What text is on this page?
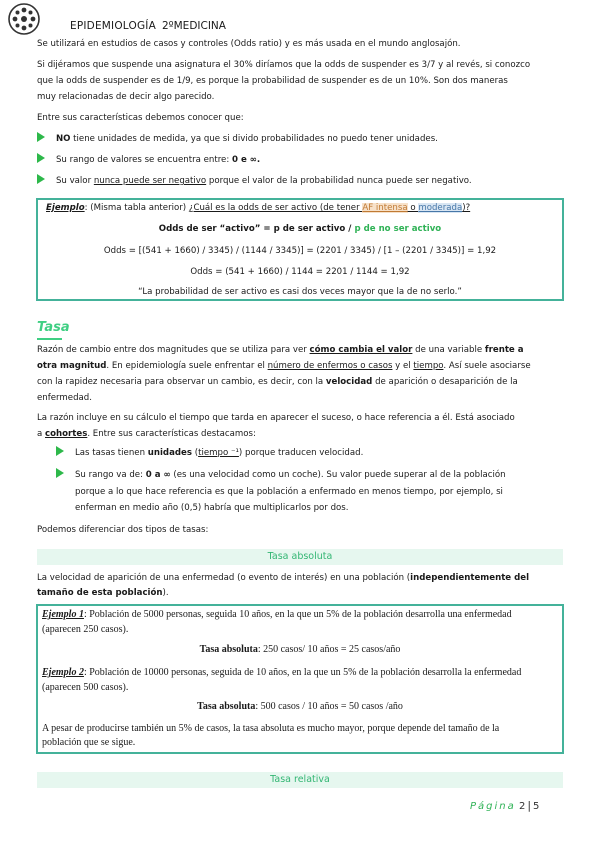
EPIDEMIOLOGÍA 2ºMEDICINA
Se utilizará en estudios de casos y controles (Odds ratio) y es más usada en el mundo anglosajón.
Si dijéramos que suspende una asignatura el 30% diríamos que la odds de suspender es 3/7 y al revés, si conozco
que la odds de suspender es de 1/9, es porque la probabilidad de suspender es de un 10%. Son dos maneras
muy relacionadas de decir algo parecido.
Entre sus características debemos conocer que:
NO tiene unidades de medida, ya que si divido probabilidades no puedo tener unidades.
Su rango de valores se encuentra entre: 0 e ∞.
Su valor nunca puede ser negativo porque el valor de la probabilidad nunca puede ser negativo.
Ejemplo: (Misma tabla anterior) ¿Cuál es la odds de ser activo (de tener AF intensa o moderada)?
Odds de ser “activo” = p de ser activo / p de no ser activo
Odds = [(541 + 1660) / 3345) / (1144 / 3345)] = (2201 / 3345) / [1 – (2201 / 3345)] = 1,92
Odds = (541 + 1660) / 1144 = 2201 / 1144 = 1,92
“La probabilidad de ser activo es casi dos veces mayor que la de no serlo.”
Tasa
Razón de cambio entre dos magnitudes que se utiliza para ver cómo cambia el valor de una variable frente a
otra magnitud. En epidemiología suele enfrentar el número de enfermos o casos y el tiempo. Así suele asociarse
con la rapidez necesaria para observar un cambio, es decir, con la velocidad de aparición o desaparición de la
enfermedad.
La razón incluye en su cálculo el tiempo que tarda en aparecer el suceso, o hace referencia a él. Está asociado
a cohortes. Entre sus características destacamos:
Las tasas tienen unidades (tiempo ⁻¹) porque traducen velocidad.
Su rango va de: 0 a ∞ (es una velocidad como un coche). Su valor puede superar al de la población
porque a lo que hace referencia es que la población a enfermado en menos tiempo, por ejemplo, si
enferman en medio año (0,5) habría que multiplicarlos por dos.
Podemos diferenciar dos tipos de tasas:
Tasa absoluta
La velocidad de aparición de una enfermedad (o evento de interés) en una población (independientemente del
tamaño de esta población).
Ejemplo 1: Población de 5000 personas, seguida 10 años, en la que un 5% de la población desarrolla una enfermedad
(aparecen 250 casos).
Tasa absoluta: 250 casos/ 10 años = 25 casos/año
Ejemplo 2: Población de 10000 personas, seguida de 10 años, en la que un 5% de la población desarrolla la enfermedad
(aparecen 500 casos).
Tasa absoluta: 500 casos / 10 años = 50 casos /año
A pesar de producirse también un 5% de casos, la tasa absoluta es mucho mayor, porque depende del tamaño de la
población que se sigue.
Tasa relativa
Página 2 | 5
